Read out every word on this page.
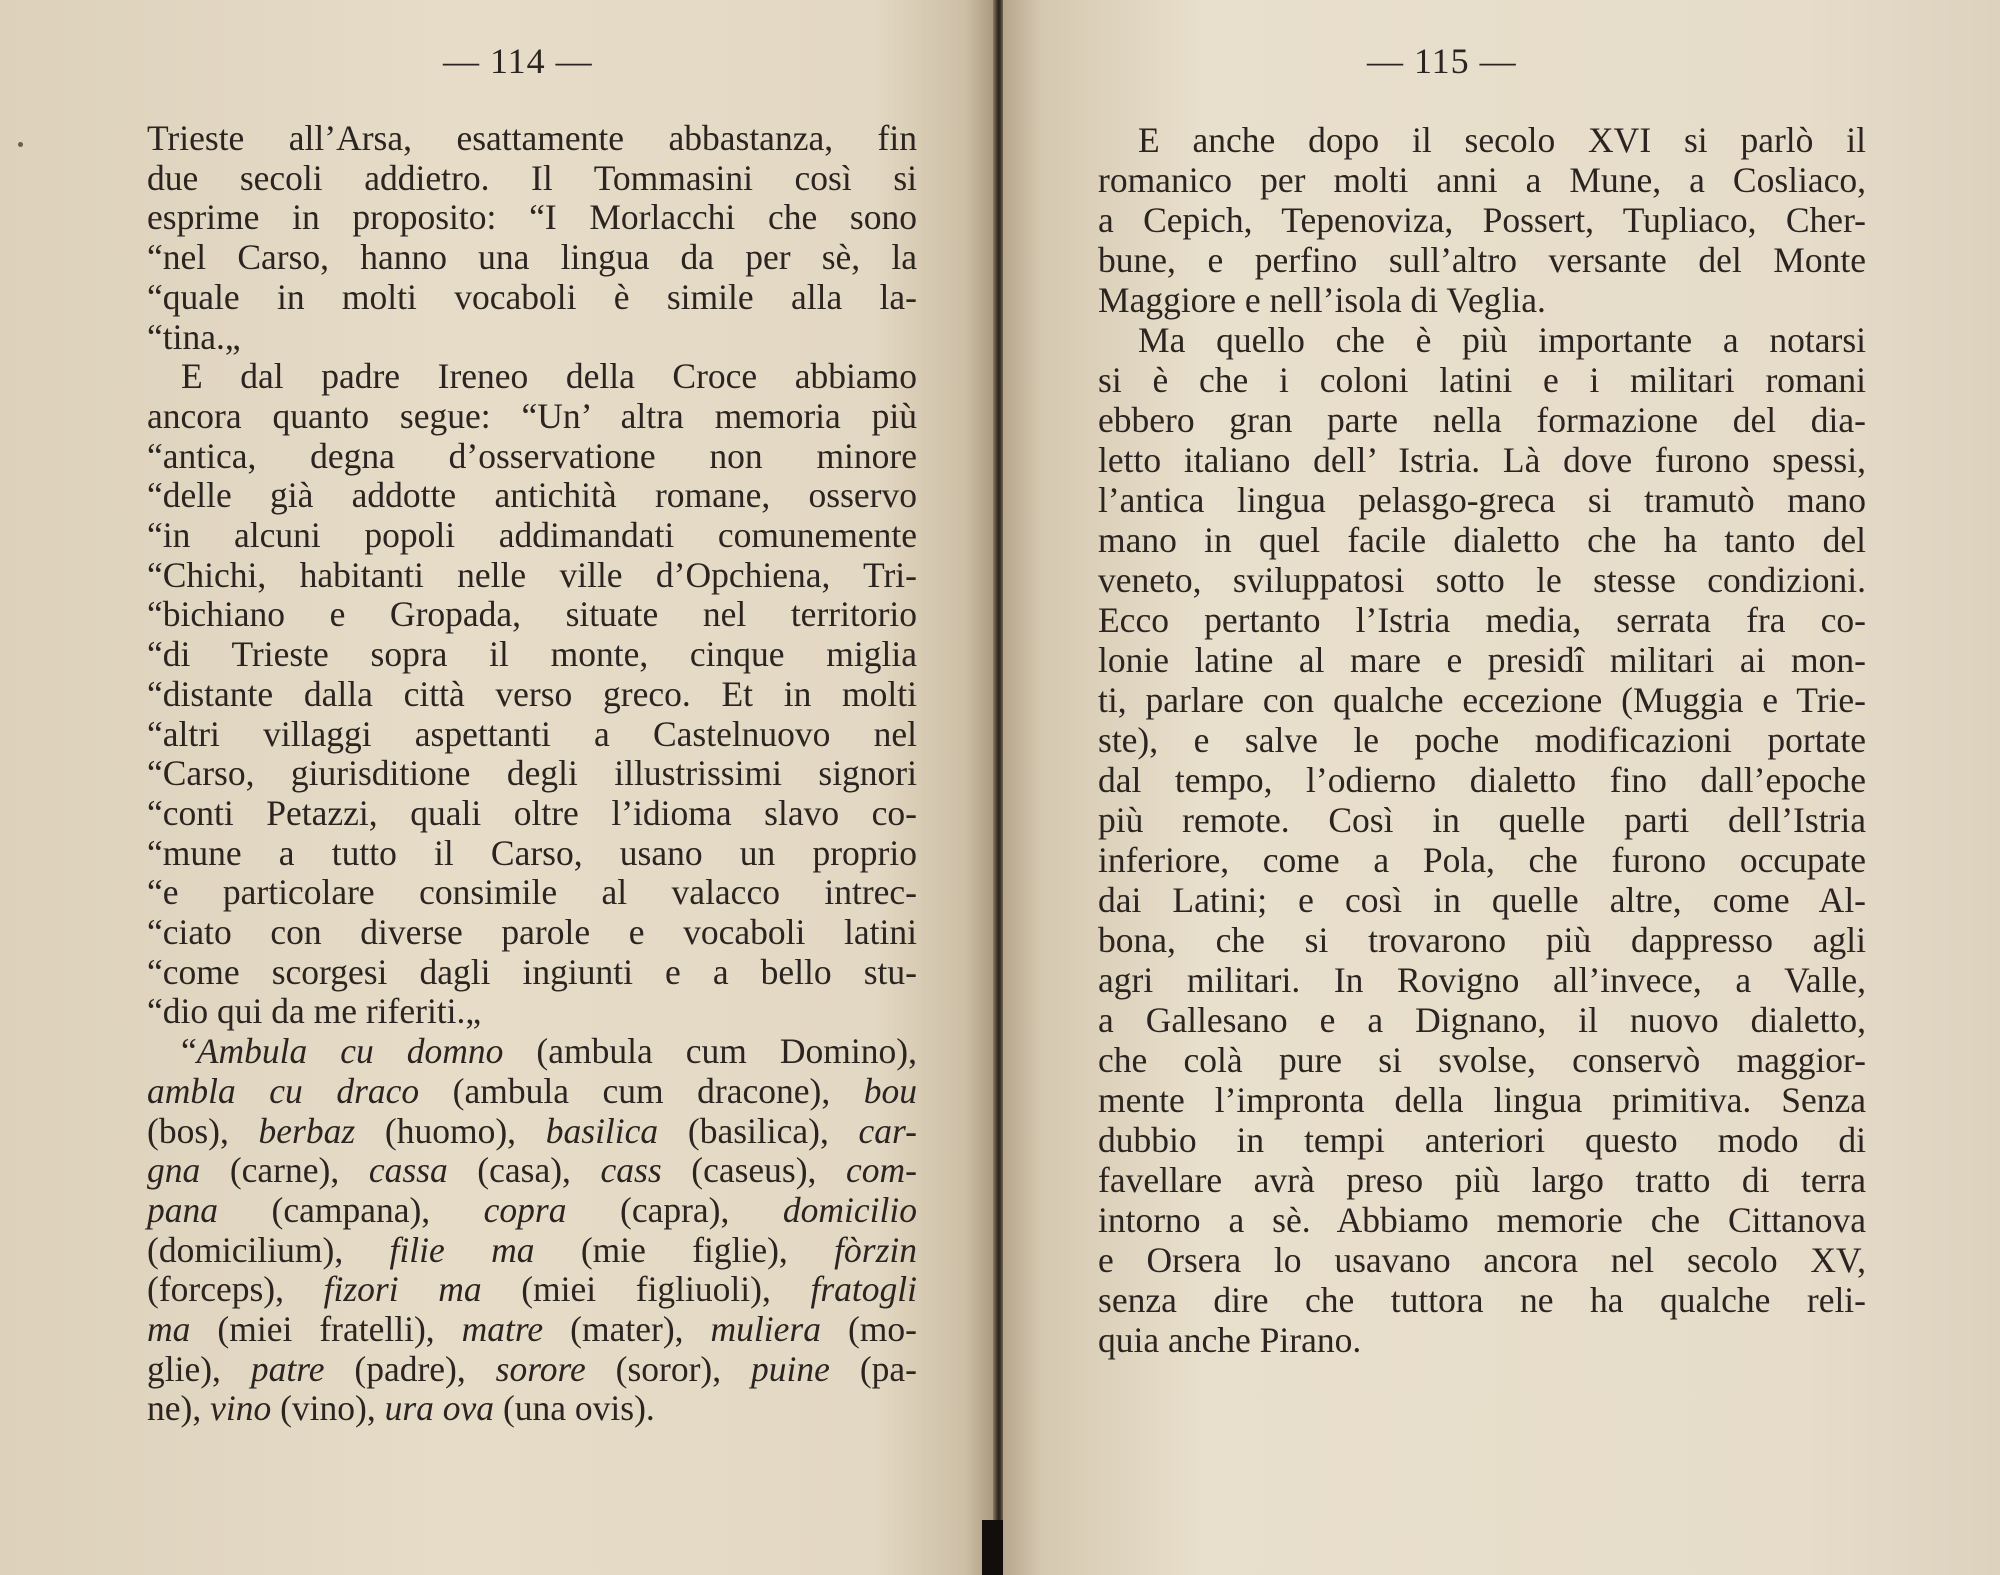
— 114 —
Trieste all’Arsa, esattamente abbastanza, fin
due secoli addietro. Il Tommasini così si
esprime in proposito: “I Morlacchi che sono
“nel Carso, hanno una lingua da per sè, la
“quale in molti vocaboli è simile alla la-
“tina.„
E dal padre Ireneo della Croce abbiamo
ancora quanto segue: “Un’ altra memoria più
“antica, degna d’osservatione non minore
“delle già addotte antichità romane, osservo
“in alcuni popoli addimandati comunemente
“Chichi, habitanti nelle ville d’Opchiena, Tri-
“bichiano e Gropada, situate nel territorio
“di Trieste sopra il monte, cinque miglia
“distante dalla città verso greco. Et in molti
“altri villaggi aspettanti a Castelnuovo nel
“Carso, giurisditione degli illustrissimi signori
“conti Petazzi, quali oltre l’idioma slavo co-
“mune a tutto il Carso, usano un proprio
“e particolare consimile al valacco intrec-
“ciato con diverse parole e vocaboli latini
“come scorgesi dagli ingiunti e a bello stu-
“dio qui da me riferiti.„
“Ambula cu domno (ambula cum Domino),
ambla cu draco (ambula cum dracone), bou
(bos), berbaz (huomo), basilica (basilica), car-
gna (carne), cassa (casa), cass (caseus), com-
pana (campana), copra (capra), domicilio
(domicilium), filie ma (mie figlie), fòrzin
(forceps), fizori ma (miei figliuoli), fratogli
ma (miei fratelli), matre (mater), muliera (mo-
glie), patre (padre), sorore (soror), puine (pa-
ne), vino (vino), ura ova (una ovis).
— 115 —
E anche dopo il secolo XVI si parlò il
romanico per molti anni a Mune, a Cosliaco,
a Cepich, Tepenoviza, Possert, Tupliaco, Cher-
bune, e perfino sull’altro versante del Monte
Maggiore e nell’isola di Veglia.
Ma quello che è più importante a notarsi
si è che i coloni latini e i militari romani
ebbero gran parte nella formazione del dia-
letto italiano dell’ Istria. Là dove furono spessi,
l’antica lingua pelasgo-greca si tramutò mano
mano in quel facile dialetto che ha tanto del
veneto, sviluppatosi sotto le stesse condizioni.
Ecco pertanto l’Istria media, serrata fra co-
lonie latine al mare e presidî militari ai mon-
ti, parlare con qualche eccezione (Muggia e Trie-
ste), e salve le poche modificazioni portate
dal tempo, l’odierno dialetto fino dall’epoche
più remote. Così in quelle parti dell’Istria
inferiore, come a Pola, che furono occupate
dai Latini; e così in quelle altre, come Al-
bona, che si trovarono più dappresso agli
agri militari. In Rovigno all’invece, a Valle,
a Gallesano e a Dignano, il nuovo dialetto,
che colà pure si svolse, conservò maggior-
mente l’impronta della lingua primitiva. Senza
dubbio in tempi anteriori questo modo di
favellare avrà preso più largo tratto di terra
intorno a sè. Abbiamo memorie che Cittanova
e Orsera lo usavano ancora nel secolo XV,
senza dire che tuttora ne ha qualche reli-
quia anche Pirano.
